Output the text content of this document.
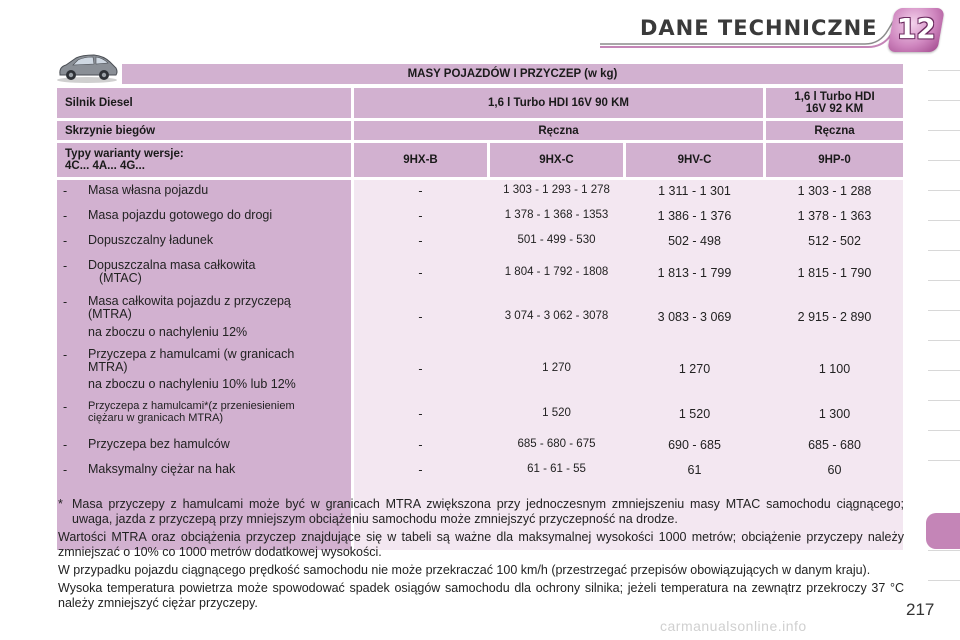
DANE TECHNICZNE 12
MASY POJAZDÓW I PRZYCZEP (w kg)
Silnik Diesel	1,6 l Turbo HDI 16V 90 KM	1,6 l Turbo HDI
16V 92 KM
Skrzynie biegów	Ręczna	Ręczna
Typy warianty wersje:
4C... 4A... 4G...	9HX-B	9HX-C	9HV-C	9HP-0
- Masa własna pojazdu	-	1 303 - 1 293 - 1 278	1 311 - 1 301	1 303 - 1 288
- Masa pojazdu gotowego do drogi	-	1 378 - 1 368 - 1353	1 386 - 1 376	1 378 - 1 363
- Dopuszczalny ładunek	-	501 - 499 - 530	502 - 498	512 - 502
- Dopuszczalna masa całkowita
(MTAC)	-	1 804 - 1 792 - 1808	1 813 - 1 799	1 815 - 1 790
- Masa całkowita pojazdu z przyczepą
(MTRA)
na zboczu o nachyleniu 12%
-	3 074 - 3 062 - 3078	3 083 - 3 069	2 915 - 2 890
- Przyczepa z hamulcami (w granicach
MTRA)
na zboczu o nachyleniu 10% lub 12%
-	1 270	1 270	1 100
- Przyczepa z hamulcami*(z przeniesieniem
ciężaru w granicach MTRA)	-	1 520	1 520	1 300
- Przyczepa bez hamulców	-	685 - 680 - 675	690 - 685	685 - 680
- Maksymalny ciężar na hak	-	61 - 61 - 55	61	60
* Masa przyczepy z hamulcami może być w granicach MTRA zwiększona przy jednoczesnym zmniejszeniu masy MTAC samochodu ciągnącego; uwaga, jazda z przyczepą przy mniejszym obciążeniu samochodu może zmniejszyć przyczepność na drodze.

Wartości MTRA oraz obciążenia przyczep znajdujące się w tabeli są ważne dla maksymalnej wysokości 1000 metrów; obciążenie przyczepy należy zmniejszać o 10% co 1000 metrów dodatkowej wysokości.

W przypadku pojazdu ciągnącego prędkość samochodu nie może przekraczać 100 km/h (przestrzegać przepisów obowiązujących w danym kraju).

Wysoka temperatura powietrza może spowodować spadek osiągów samochodu dla ochrony silnika; jeżeli temperatura na zewnątrz przekroczy 37 °C należy zmniejszyć ciężar przyczepy.	217
carmanualsonline.info
